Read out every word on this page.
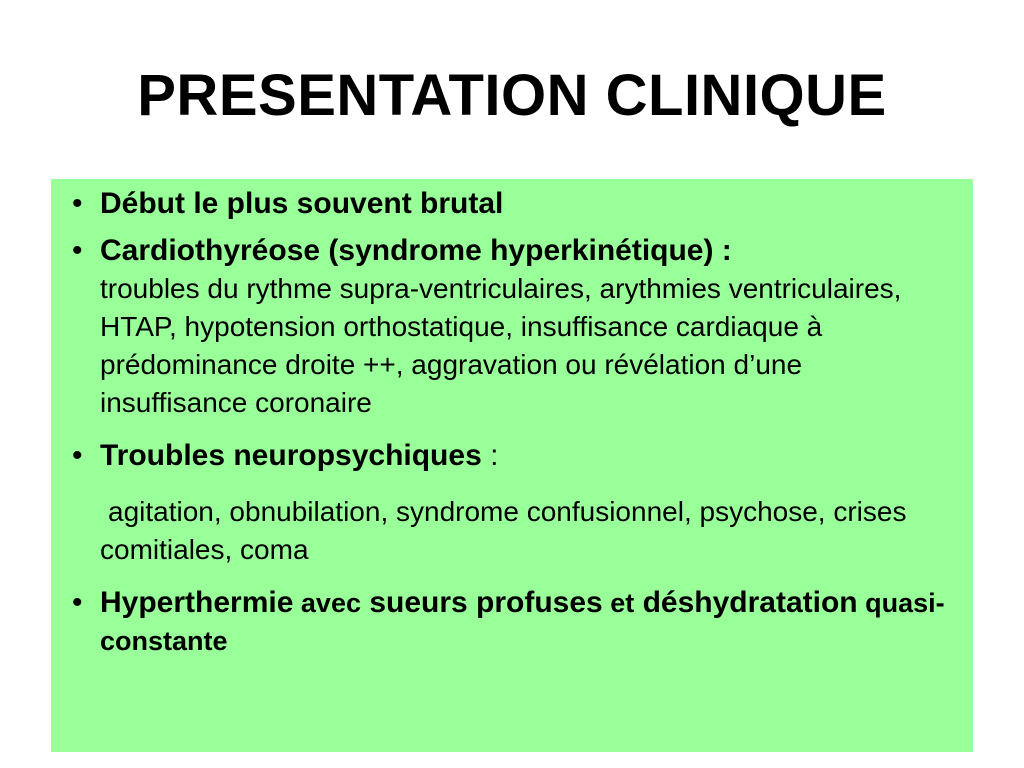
PRESENTATION CLINIQUE
• Début le plus souvent brutal
• Cardiothyréose (syndrome hyperkinétique) :
troubles du rythme supra-ventriculaires, arythmies ventriculaires, HTAP, hypotension orthostatique, insuffisance cardiaque à prédominance droite ++, aggravation ou révélation d’une insuffisance coronaire
• Troubles neuropsychiques :
agitation, obnubilation, syndrome confusionnel, psychose, crises comitiales, coma
• Hyperthermie avec sueurs profuses et déshydratation quasi-constante
